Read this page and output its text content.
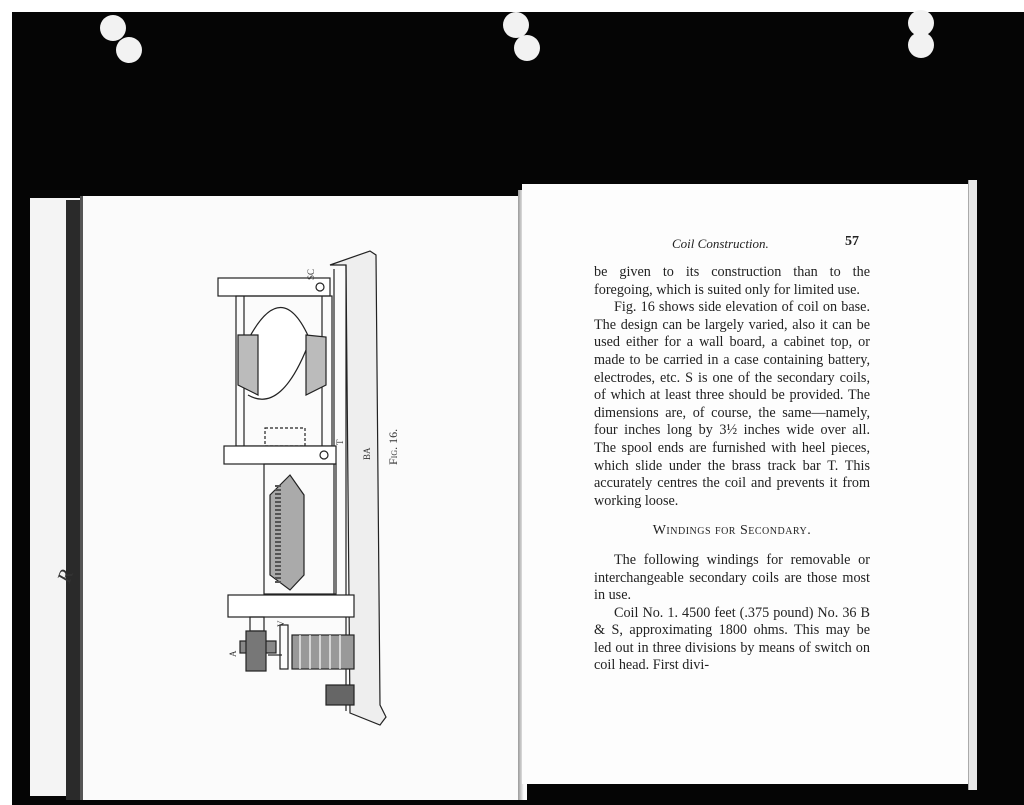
R
SC
T
BA
V
A
Fig. 16.
Coil Construction.	57

be given to its construction than to the foregoing, which is suited only for limited use.

Fig. 16 shows side elevation of coil on base. The design can be largely varied, also it can be used either for a wall board, a cabinet top, or made to be carried in a case containing battery, electrodes, etc. S is one of the secondary coils, of which at least three should be provided. The dimensions are, of course, the same—namely, four inches long by 3½ inches wide over all. The spool ends are furnished with heel pieces, which slide under the brass track bar T. This accurately centres the coil and prevents it from working loose.

Windings for Secondary.

The following windings for removable or interchangeable secondary coils are those most in use.

Coil No. 1. 4500 feet (.375 pound) No. 36 B & S, approximating 1800 ohms. This may be led out in three divisions by means of switch on coil head. First divi-
